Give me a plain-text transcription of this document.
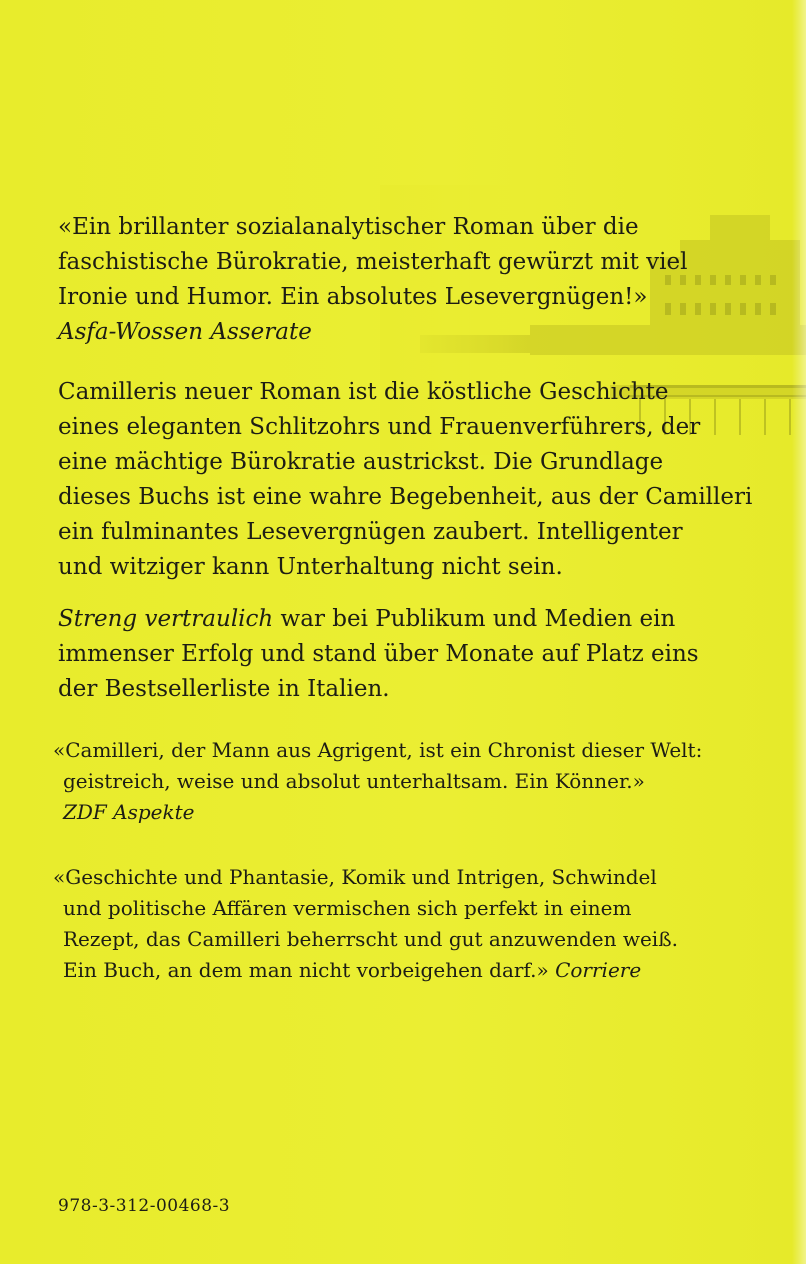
«Ein brillanter sozialanalytischer Roman über die
faschistische Bürokratie, meisterhaft gewürzt mit viel
Ironie und Humor. Ein absolutes Lesevergnügen!»
Asfa-Wossen Asserate
Camilleris neuer Roman ist die köstliche Geschichte
eines eleganten Schlitzohrs und Frauenverführers, der
eine mächtige Bürokratie austrickst. Die Grundlage
dieses Buchs ist eine wahre Begebenheit, aus der Camilleri
ein fulminantes Lesevergnügen zaubert. Intelligenter
und witziger kann Unterhaltung nicht sein.
Streng vertraulich war bei Publikum und Medien ein
immenser Erfolg und stand über Monate auf Platz eins
der Bestsellerliste in Italien.
«Camilleri, der Mann aus Agrigent, ist ein Chronist dieser Welt:
geistreich, weise und absolut unterhaltsam. Ein Könner.»
ZDF Aspekte
«Geschichte und Phantasie, Komik und Intrigen, Schwindel
und politische Affären vermischen sich perfekt in einem
Rezept, das Camilleri beherrscht und gut anzuwenden weiß.
Ein Buch, an dem man nicht vorbeigehen darf.» Corriere
978-3-312-00468-3
